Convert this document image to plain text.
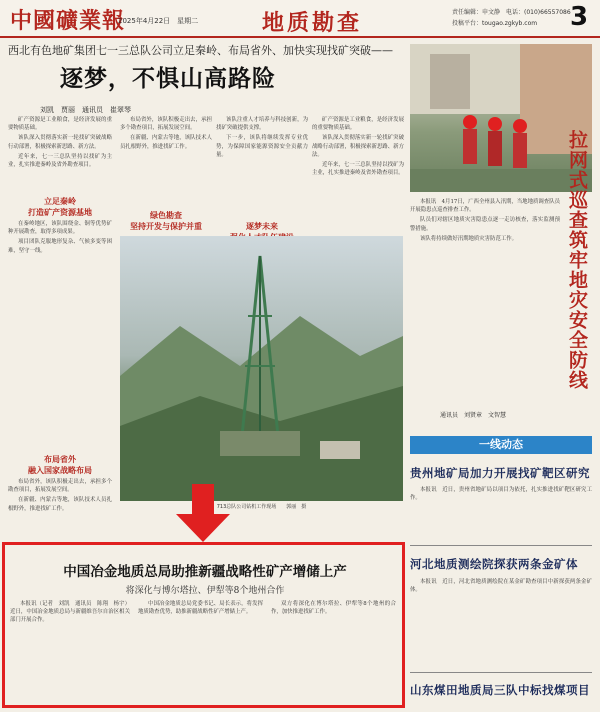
中國礦業報
2025年4月22日　星期二	地质勘查	责任编辑：申文静　电话：(010)66557086
投稿平台：tougao.zgkyb.com	3
西北有色地矿集团七一三总队公司立足秦岭、布局省外、加快实现找矿突破——
逐梦，不惧山高路险
刘凯　贾丽　通讯员　崔翠琴

矿产资源是工业粮食，是经济发展的重要物质基础。

该队深入贯彻落实新一轮找矿突破战略行动部署，积极探索新思路、新方法。

近年来，七一三总队坚持以找矿为主业，扎实推进秦岭及省外勘查项目。

立足秦岭
打造矿产资源基地

在秦岭地区，该队围绕金、铜等优势矿种开展勘查，取得多项成果。

项目团队克服地形复杂、气候多变等困难，坚守一线。

布局省外
融入国家战略布局

布局省外，该队积极走出去，承担多个勘查项目，拓展发展空间。

在新疆、内蒙古等地，该队技术人员扎根野外，推进找矿工作。

布局省外，该队积极走出去，承担多个勘查项目，拓展发展空间。

在新疆、内蒙古等地，该队技术人员扎根野外，推进找矿工作。

绿色勘查
坚持开发与保护并重

该队注重人才培养与科技创新，为找矿突破提供支撑。

下一步，该队将继续发挥专业优势，为保障国家能源资源安全贡献力量。

逐梦未来

矿产资源是工业粮食，是经济发展的重要物质基础。

该队深入贯彻落实新一轮找矿突破战略行动部署，积极探索新思路、新方法。

近年来，七一三总队坚持以找矿为主业，扎实推进秦岭及省外勘查项目。

713总队公司钻机工作现场　　郭丽　摄
拉网式巡查筑牢地灾安全防线

本报讯　4月17日，广西全州县入汛期，当地地质调查队员开展隐患点巡查排查工作。

队员们对辖区地质灾害隐患点逐一走访核查，落实监测预警措施。

该队将持续做好汛期地质灾害防范工作。

通讯员　刘贤章　文智慧
一线动态
贵州地矿局加力开展找矿靶区研究

本报讯　近日，贵州省地矿局以项目为依托，扎实推进找矿靶区研究工作。

河北地质测绘院探获两条金矿体

本报讯　近日，河北省地质测绘院在某金矿勘查项目中新探获两条金矿体。

山东煤田地质局三队中标找煤项目
中国冶金地质总局助推新疆战略性矿产增储上产
将深化与博尔塔拉、伊犁等8个地州合作

本报讯（记者　刘凯　通讯员　陈翔　杨宇）近日，中国冶金地质总局与新疆维吾尔自治区相关部门开展合作。

中国冶金地质总局党委书记、局长表示，将发挥地质勘查优势，助推新疆战略性矿产增储上产。

双方将深化在博尔塔拉、伊犁等8个地州的合作，加快推进找矿工作。
